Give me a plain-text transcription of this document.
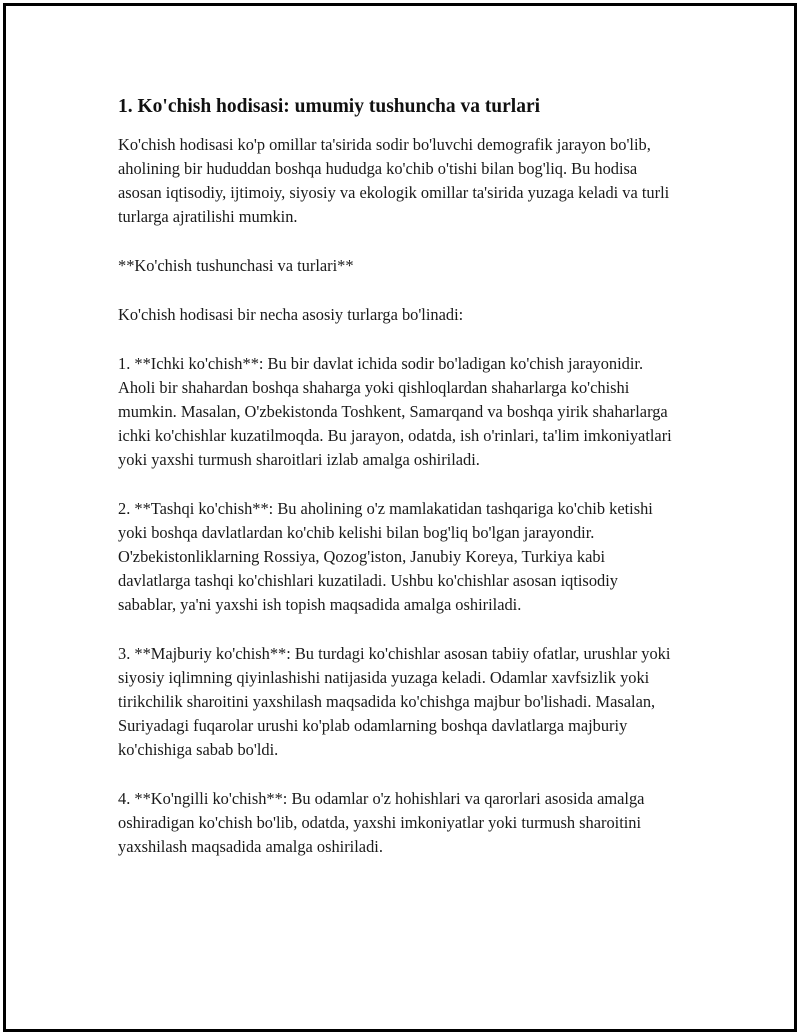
1. Ko'chish hodisasi: umumiy tushuncha va turlari

Ko'chish hodisasi ko'p omillar ta'sirida sodir bo'luvchi demografik jarayon bo'lib, aholining bir hududdan boshqa hududga ko'chib o'tishi bilan bog'liq. Bu hodisa asosan iqtisodiy, ijtimoiy, siyosiy va ekologik omillar ta'sirida yuzaga keladi va turli turlarga ajratilishi mumkin.

**Ko'chish tushunchasi va turlari**

Ko'chish hodisasi bir necha asosiy turlarga bo'linadi:

1. **Ichki ko'chish**: Bu bir davlat ichida sodir bo'ladigan ko'chish jarayonidir. Aholi bir shahardan boshqa shaharga yoki qishloqlardan shaharlarga ko'chishi mumkin. Masalan, O'zbekistonda Toshkent, Samarqand va boshqa yirik shaharlarga ichki ko'chishlar kuzatilmoqda. Bu jarayon, odatda, ish o'rinlari, ta'lim imkoniyatlari yoki yaxshi turmush sharoitlari izlab amalga oshiriladi.

2. **Tashqi ko'chish**: Bu aholining o'z mamlakatidan tashqariga ko'chib ketishi yoki boshqa davlatlardan ko'chib kelishi bilan bog'liq bo'lgan jarayondir. O'zbekistonliklarning Rossiya, Qozog'iston, Janubiy Koreya, Turkiya kabi davlatlarga tashqi ko'chishlari kuzatiladi. Ushbu ko'chishlar asosan iqtisodiy sabablar, ya'ni yaxshi ish topish maqsadida amalga oshiriladi.

3. **Majburiy ko'chish**: Bu turdagi ko'chishlar asosan tabiiy ofatlar, urushlar yoki siyosiy iqlimning qiyinlashishi natijasida yuzaga keladi. Odamlar xavfsizlik yoki tirikchilik sharoitini yaxshilash maqsadida ko'chishga majbur bo'lishadi. Masalan, Suriyadagi fuqarolar urushi ko'plab odamlarning boshqa davlatlarga majburiy ko'chishiga sabab bo'ldi.

4. **Ko'ngilli ko'chish**: Bu odamlar o'z hohishlari va qarorlari asosida amalga oshiradigan ko'chish bo'lib, odatda, yaxshi imkoniyatlar yoki turmush sharoitini yaxshilash maqsadida amalga oshiriladi.
